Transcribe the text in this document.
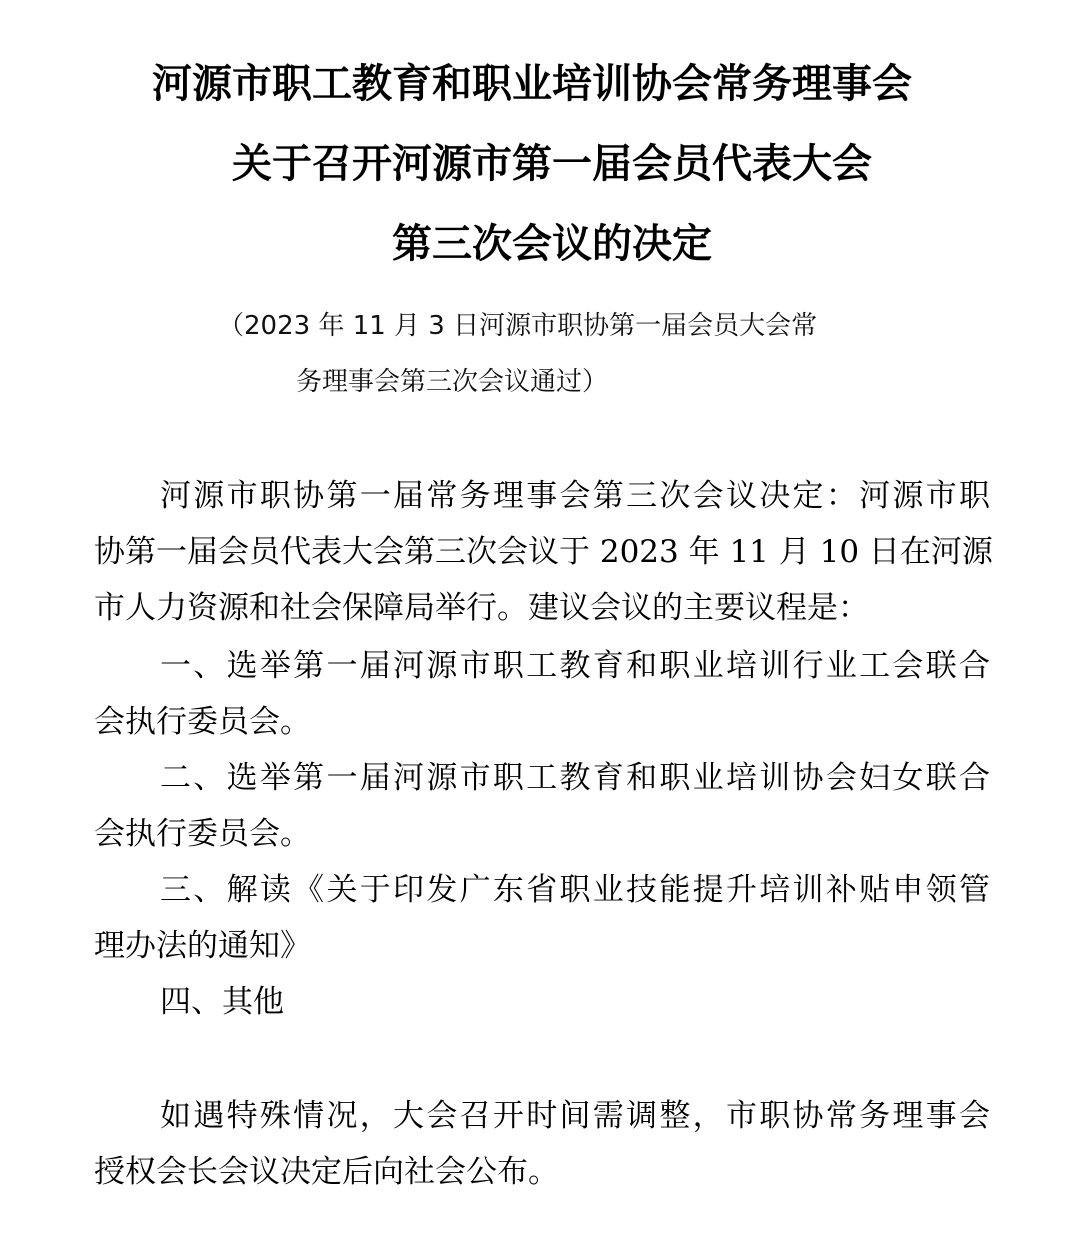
河源市职工教育和职业培训协会常务理事会
关于召开河源市第一届会员代表大会
第三次会议的决定
（2023 年 11 月 3 日河源市职协第一届会员大会常
务理事会第三次会议通过）
河源市职协第一届常务理事会第三次会议决定：河源市职
协第一届会员代表大会第三次会议于 2023 年 11 月 10 日在河源
市人力资源和社会保障局举行。建议会议的主要议程是：
一、选举第一届河源市职工教育和职业培训行业工会联合
会执行委员会。
二、选举第一届河源市职工教育和职业培训协会妇女联合
会执行委员会。
三、解读《关于印发广东省职业技能提升培训补贴申领管
理办法的通知》
四、其他
如遇特殊情况，大会召开时间需调整，市职协常务理事会
授权会长会议决定后向社会公布。
